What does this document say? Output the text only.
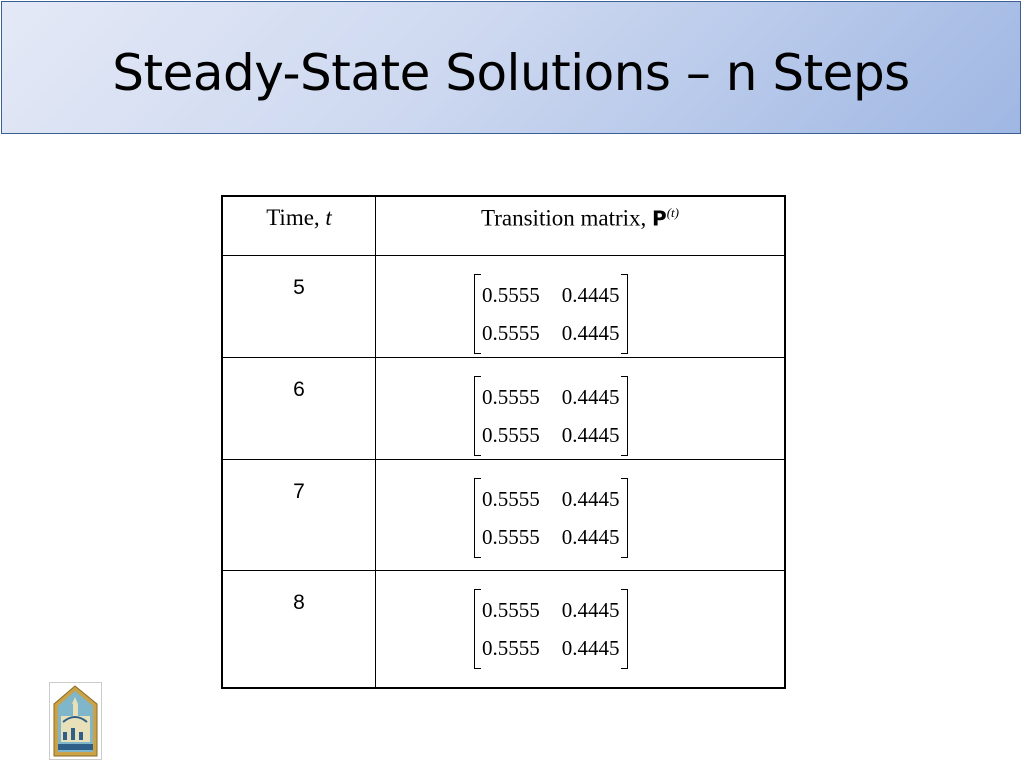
Steady-State Solutions – n Steps
Time, t	Transition matrix, $P^{(t)}$
5	0.5555 0.4445
0.5555 0.4445

6	0.5555 0.4445
0.5555 0.4445

7	0.5555 0.4445
0.5555 0.4445

8	0.5555 0.4445
0.5555 0.4445
